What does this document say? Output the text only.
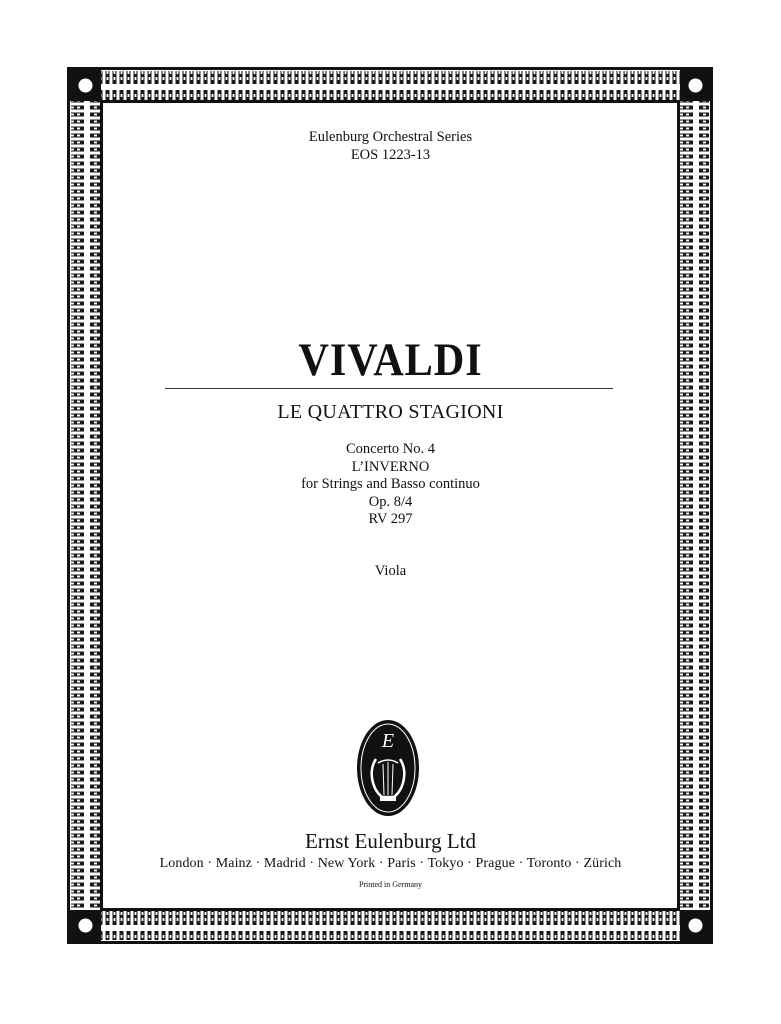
Eulenburg Orchestral Series
EOS 1223-13
VIVALDI
LE QUATTRO STAGIONI
Concerto No. 4
L’INVERNO
for Strings and Basso continuo
Op. 8/4
RV 297
Viola
E
Ernst Eulenburg Ltd
London · Mainz · Madrid · New York · Paris · Tokyo · Prague · Toronto · Zürich
Printed in Germany
